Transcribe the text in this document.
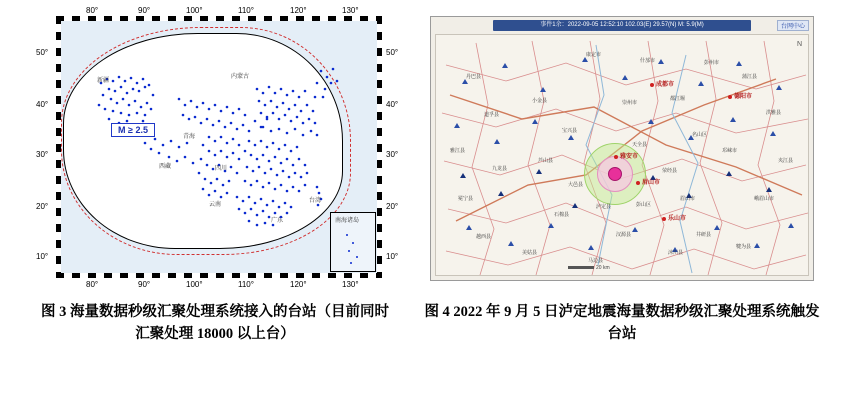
80°	90°	100°	110°	120°	130°
80°	90°	100°	110°	120°	130°
50°
40°
30°
20°
10°
50°
40°
30°
20°
10°
M ≥ 2.5
新疆
内蒙古
西藏
青海
四川
云南
广东
台湾
南海诸岛
图 3 海量数据秒级汇聚处理系统接入的台站（目前同时汇聚处理 18000 以上台）
事件1余：2022-09-05 12:52:10 102.03(E) 29.57(N) M: 5.9(M)	台网中心
成都市
雅安市
乐山市
德阳市
眉山市
丹巴县
康定市
泸定县
石棉县
汉源县
荥经县
天全县
名山区
邛崃市
蒲江县
洪雅县
夹江县
峨眉山市
井研县
犍为县
沐川县
马边县
美姑县
越西县
冕宁县
九龙县
雅江县
道孚县
小金县
宝兴县
芦山县
大邑县
崇州市
都江堰
彭州市
什邡市
眉山市
彭山区
N
20 km
图 4 2022 年 9 月 5 日泸定地震海量数据秒级汇聚处理系统触发台站
